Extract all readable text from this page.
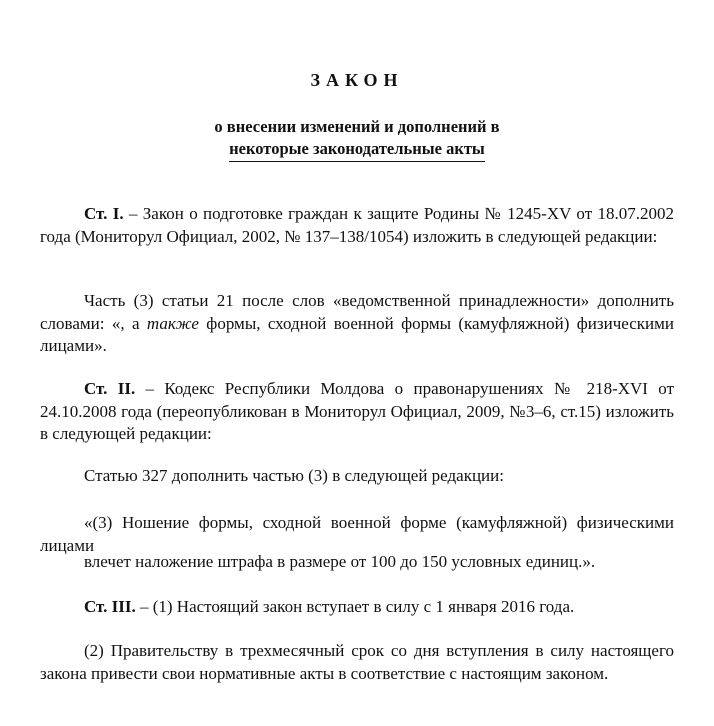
ЗАКОН
о внесении изменений и дополнений в
некоторые законодательные акты

Ст. I. – Закон о подготовке граждан к защите Родины № 1245-XV от 18.07.2002 года (Мониторул Oфициал, 2002, № 137–138/1054) изложить в следующей редакции:

Часть (3) статьи 21 после слов «ведомственной принадлежности» дополнить словами: «, а также формы, сходной военной формы (камуфляжной) физическими лицами».

Ст. II. – Кодекс Республики Молдова о правонарушениях № 218-XVI от 24.10.2008 года (переопубликован в Мониторул Oфициал, 2009, №3–6, ст.15) изложить в следующей редакции:

Статью 327 дополнить частью (3) в следующей редакции:

«(3) Ношение формы, сходной военной форме (камуфляжной) физическими лицами

влечет наложение штрафа в размере от 100 до 150 условных единиц.».

Ст. III. – (1) Настоящий закон вступает в силу с 1 января 2016 года.

(2) Правительству в трехмесячный срок со дня вступления в силу настоящего закона привести свои нормативные акты в соответствие с настоящим законом.
